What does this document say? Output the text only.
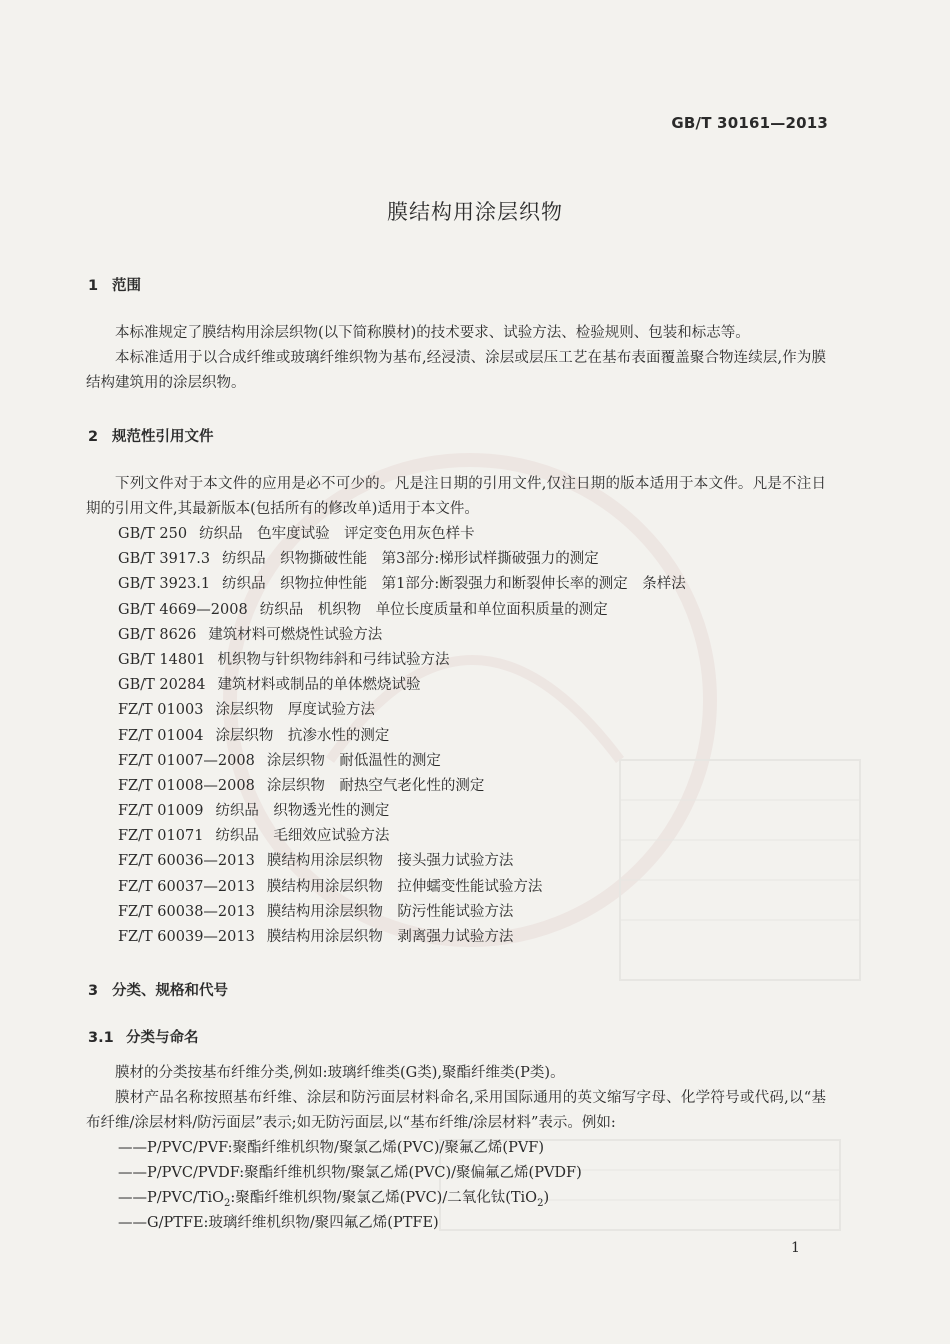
GB/T 30161—2013
膜结构用涂层织物
1 范围
本标准规定了膜结构用涂层织物(以下简称膜材)的技术要求、试验方法、检验规则、包装和标志等。
本标准适用于以合成纤维或玻璃纤维织物为基布,经浸渍、涂层或层压工艺在基布表面覆盖聚合物连续层,作为膜结构建筑用的涂层织物。
2 规范性引用文件
下列文件对于本文件的应用是必不可少的。凡是注日期的引用文件,仅注日期的版本适用于本文件。凡是不注日期的引用文件,其最新版本(包括所有的修改单)适用于本文件。
GB/T 250 纺织品　色牢度试验　评定变色用灰色样卡
GB/T 3917.3 纺织品　织物撕破性能　第3部分:梯形试样撕破强力的测定
GB/T 3923.1 纺织品　织物拉伸性能　第1部分:断裂强力和断裂伸长率的测定　条样法
GB/T 4669—2008 纺织品　机织物　单位长度质量和单位面积质量的测定
GB/T 8626 建筑材料可燃烧性试验方法
GB/T 14801 机织物与针织物纬斜和弓纬试验方法
GB/T 20284 建筑材料或制品的单体燃烧试验
FZ/T 01003 涂层织物　厚度试验方法
FZ/T 01004 涂层织物　抗渗水性的测定
FZ/T 01007—2008 涂层织物　耐低温性的测定
FZ/T 01008—2008 涂层织物　耐热空气老化性的测定
FZ/T 01009 纺织品　织物透光性的测定
FZ/T 01071 纺织品　毛细效应试验方法
FZ/T 60036—2013 膜结构用涂层织物　接头强力试验方法
FZ/T 60037—2013 膜结构用涂层织物　拉伸蠕变性能试验方法
FZ/T 60038—2013 膜结构用涂层织物　防污性能试验方法
FZ/T 60039—2013 膜结构用涂层织物　剥离强力试验方法
3 分类、规格和代号
3.1 分类与命名
膜材的分类按基布纤维分类,例如:玻璃纤维类(G类),聚酯纤维类(P类)。
膜材产品名称按照基布纤维、涂层和防污面层材料命名,采用国际通用的英文缩写字母、化学符号或代码,以“基布纤维/涂层材料/防污面层”表示;如无防污面层,以“基布纤维/涂层材料”表示。例如:
——P/PVC/PVF:聚酯纤维机织物/聚氯乙烯(PVC)/聚氟乙烯(PVF)
——P/PVC/PVDF:聚酯纤维机织物/聚氯乙烯(PVC)/聚偏氟乙烯(PVDF)
——P/PVC/TiO$_2$:聚酯纤维机织物/聚氯乙烯(PVC)/二氧化钛(TiO$_2$)
——G/PTFE:玻璃纤维机织物/聚四氟乙烯(PTFE)
1
